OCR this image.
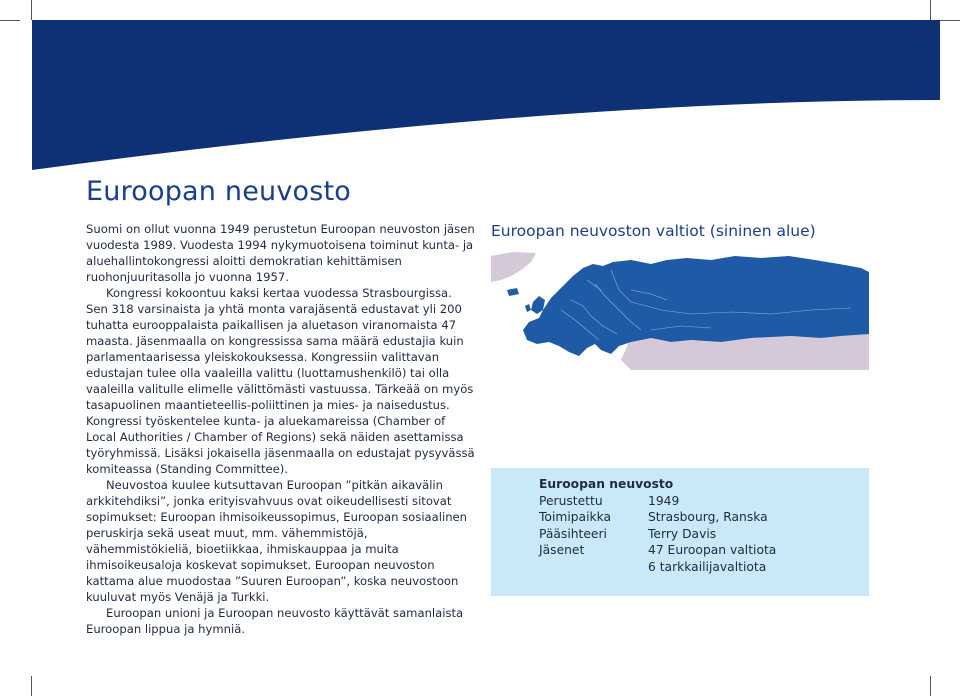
Euroopan neuvosto

Suomi on ollut vuonna 1949 perustetun Euroopan neuvoston jäsen vuodesta 1989. Vuodesta 1994 nykymuotoisena toiminut kunta- ja aluehallintokongressi aloitti demokratian kehittämisen ruohonjuuritasolla jo vuonna 1957.

Kongressi kokoontuu kaksi kertaa vuodessa Strasbourgissa. Sen 318 varsinaista ja yhtä monta varajäsentä edustavat yli 200 tuhatta eurooppalaista paikallisen ja aluetason viranomaista 47 maasta. Jäsenmaalla on kongressissa sama määrä edustajia kuin parlamentaarisessa yleiskokouksessa. Kongressiin valittavan edustajan tulee olla vaaleilla valittu (luottamushenkilö) tai olla vaaleilla valitulle elimelle välittömästi vastuussa. Tärkeää on myös tasapuolinen maantieteellis-poliittinen ja mies- ja naisedustus. Kongressi työskentelee kunta- ja aluekamareissa (Chamber of Local Authorities / Chamber of Regions) sekä näiden asettamissa työryhmissä. Lisäksi jokaisella jäsenmaalla on edustajat pysyvässä komiteassa (Standing Committee).

Neuvostoa kuulee kutsuttavan Euroopan ”pitkän aikavälin arkkitehdiksi”, jonka erityisvahvuus ovat oikeudellisesti sitovat sopimukset: Euroopan ihmisoikeussopimus, Euroopan sosiaalinen peruskirja sekä useat muut, mm. vähemmistöjä, vähemmistökieliä, bioetiikkaa, ihmiskauppaa ja muita ihmisoikeusaloja koskevat sopimukset. Euroopan neuvoston kattama alue muodostaa ”Suuren Euroopan”, koska neuvostoon kuuluvat myös Venäjä ja Turkki.

Euroopan unioni ja Euroopan neuvosto käyttävät samanlaista Euroopan lippua ja hymniä.

Euroopan neuvoston valtiot (sininen alue)
Euroopan neuvosto
Perustettu	1949
Toimipaikka	Strasbourg, Ranska
Pääsihteeri	Terry Davis
Jäsenet	47 Euroopan valtiota
6 tarkkailijavaltiota
